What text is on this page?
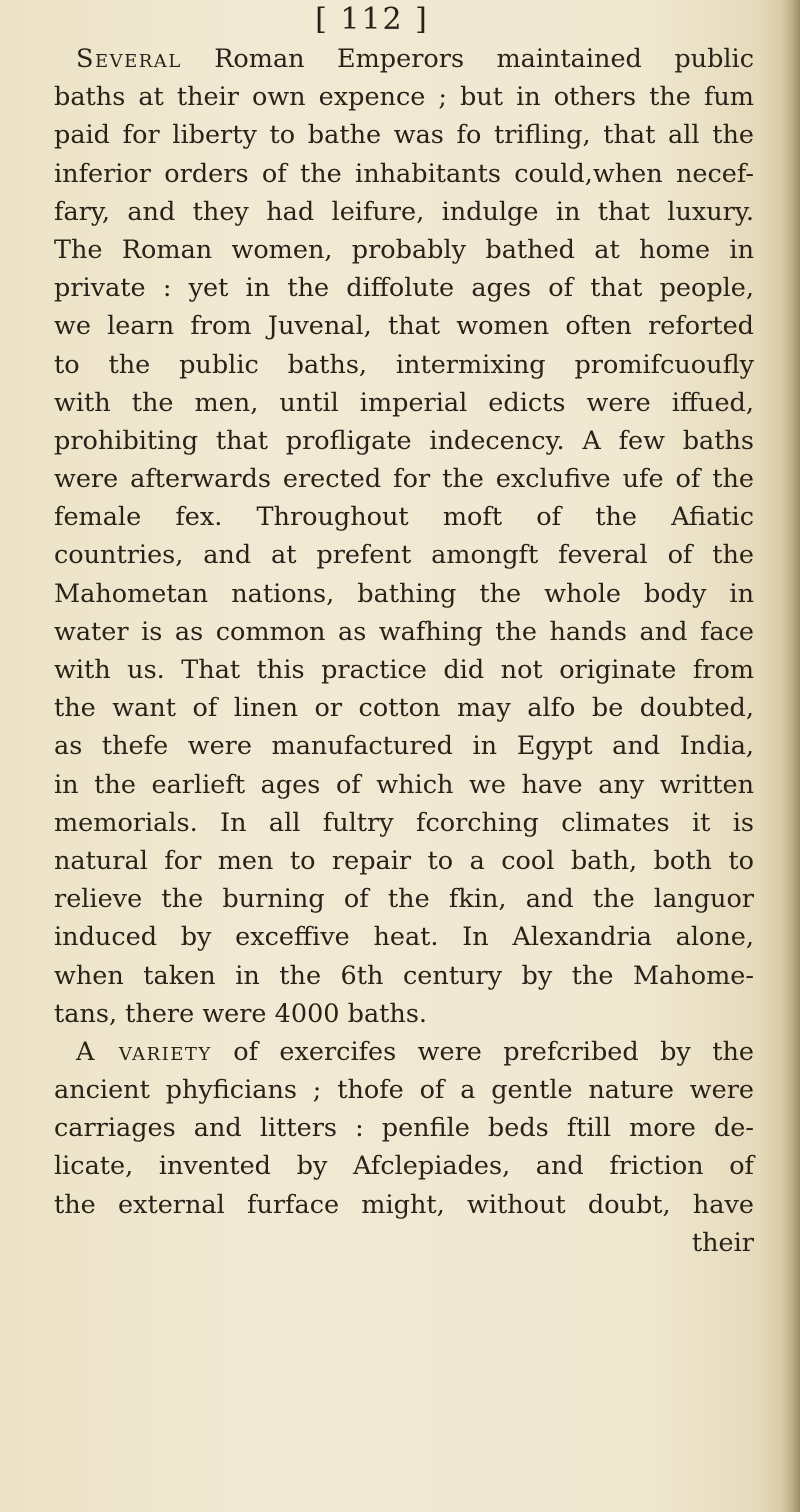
[ 112 ]
Several Roman Emperors maintained public
baths at their own expence ; but in others the fum
paid for liberty to bathe was fo trifling, that all the
inferior orders of the inhabitants could,when necef-
fary, and they had leifure, indulge in that luxury.
The Roman women, probably bathed at home in
private : yet in the diffolute ages of that people,
we learn from Juvenal, that women often reforted
to the public baths, intermixing promifcuoufly
with the men, until imperial edicts were iffued,
prohibiting that profligate indecency. A few baths
were afterwards erected for the exclufive ufe of the
female fex. Throughout moft of the Afiatic
countries, and at prefent amongft feveral of the
Mahometan nations, bathing the whole body in
water is as common as wafhing the hands and face
with us. That this practice did not originate from
the want of linen or cotton may alfo be doubted,
as thefe were manufactured in Egypt and India,
in the earlieft ages of which we have any written
memorials. In all fultry fcorching climates it is
natural for men to repair to a cool bath, both to
relieve the burning of the fkin, and the languor
induced by exceffive heat. In Alexandria alone,
when taken in the 6th century by the Mahome-
tans, there were 4000 baths.
A variety of exercifes were prefcribed by the
ancient phyficians ; thofe of a gentle nature were
carriages and litters : penfile beds ftill more de-
licate, invented by Afclepiades, and friction of
the external furface might, without doubt, have
their
